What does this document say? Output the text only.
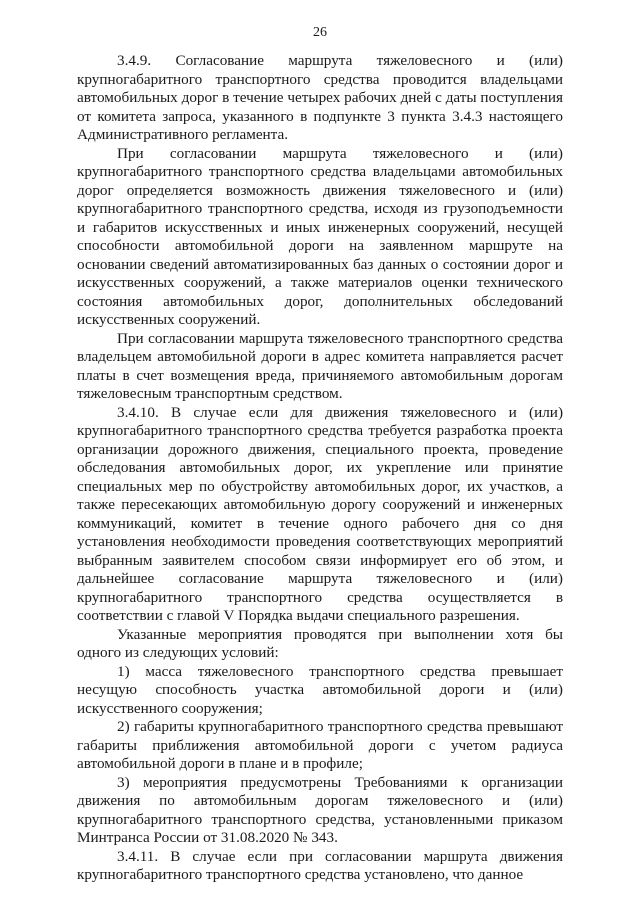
26

3.4.9. Согласование маршрута тяжеловесного и (или) крупногабаритного транспортного средства проводится владельцами автомобильных дорог в течение четырех рабочих дней с даты поступления от комитета запроса, указанного в подпункте 3 пункта 3.4.3 настоящего Административного регламента.

При согласовании маршрута тяжеловесного и (или) крупногабаритного транспортного средства владельцами автомобильных дорог определяется возможность движения тяжеловесного и (или) крупногабаритного транспортного средства, исходя из грузоподъемности и габаритов искусственных и иных инженерных сооружений, несущей способности автомобильной дороги на заявленном маршруте на основании сведений автоматизированных баз данных о состоянии дорог и искусственных сооружений, а также материалов оценки технического состояния автомобильных дорог, дополнительных обследований искусственных сооружений.

При согласовании маршрута тяжеловесного транспортного средства владельцем автомобильной дороги в адрес комитета направляется расчет платы в счет возмещения вреда, причиняемого автомобильным дорогам тяжеловесным транспортным средством.

3.4.10. В случае если для движения тяжеловесного и (или) крупногабаритного транспортного средства требуется разработка проекта организации дорожного движения, специального проекта, проведение обследования автомобильных дорог, их укрепление или принятие специальных мер по обустройству автомобильных дорог, их участков, а также пересекающих автомобильную дорогу сооружений и инженерных коммуникаций, комитет в течение одного рабочего дня со дня установления необходимости проведения соответствующих мероприятий выбранным заявителем способом связи информирует его об этом, и дальнейшее согласование маршрута тяжеловесного и (или) крупногабаритного транспортного средства осуществляется в соответствии с главой V Порядка выдачи специального разрешения.

Указанные мероприятия проводятся при выполнении хотя бы одного из следующих условий:

1) масса тяжеловесного транспортного средства превышает несущую способность участка автомобильной дороги и (или) искусственного сооружения;

2) габариты крупногабаритного транспортного средства превышают габариты приближения автомобильной дороги с учетом радиуса автомобильной дороги в плане и в профиле;

3) мероприятия предусмотрены Требованиями к организации движения по автомобильным дорогам тяжеловесного и (или) крупногабаритного транспортного средства, установленными приказом Минтранса России от 31.08.2020 № 343.

3.4.11. В случае если при согласовании маршрута движения крупногабаритного транспортного средства установлено, что данное
